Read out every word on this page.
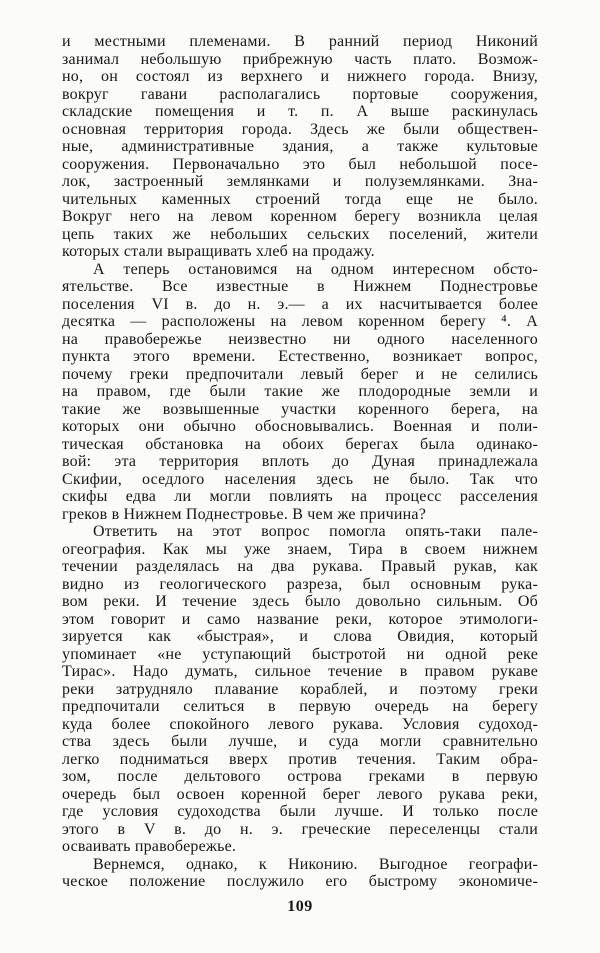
и местными племенами. В ранний период Никоний
занимал небольшую прибрежную часть плато. Возмож-
но, он состоял из верхнего и нижнего города. Внизу,
вокруг гавани располагались портовые сооружения,
складские помещения и т. п. А выше раскинулась
основная территория города. Здесь же были обществен-
ные, административные здания, а также культовые
сооружения. Первоначально это был небольшой посе-
лок, застроенный землянками и полуземлянками. Зна-
чительных каменных строений тогда еще не было.
Вокруг него на левом коренном берегу возникла целая
цепь таких же небольших сельских поселений, жители
которых стали выращивать хлеб на продажу.
А теперь остановимся на одном интересном обсто-
ятельстве. Все известные в Нижнем Поднестровье
поселения VI в. до н. э.— а их насчитывается более
десятка — расположены на левом коренном берегу ⁴. А
на правобережье неизвестно ни одного населенного
пункта этого времени. Естественно, возникает вопрос,
почему греки предпочитали левый берег и не селились
на правом, где были такие же плодородные земли и
такие же возвышенные участки коренного берега, на
которых они обычно обосновывались. Военная и поли-
тическая обстановка на обоих берегах была одинако-
вой: эта территория вплоть до Дуная принадлежала
Скифии, оседлого населения здесь не было. Так что
скифы едва ли могли повлиять на процесс расселения
греков в Нижнем Поднестровье. В чем же причина?
Ответить на этот вопрос помогла опять-таки пале-
огеография. Как мы уже знаем, Тира в своем нижнем
течении разделялась на два рукава. Правый рукав, как
видно из геологического разреза, был основным рука-
вом реки. И течение здесь было довольно сильным. Об
этом говорит и само название реки, которое этимологи-
зируется как «быстрая», и слова Овидия, который
упоминает «не уступающий быстротой ни одной реке
Тирас». Надо думать, сильное течение в правом рукаве
реки затрудняло плавание кораблей, и поэтому греки
предпочитали селиться в первую очередь на берегу
куда более спокойного левого рукава. Условия судоход-
ства здесь были лучше, и суда могли сравнительно
легко подниматься вверх против течения. Таким обра-
зом, после дельтового острова греками в первую
очередь был освоен коренной берег левого рукава реки,
где условия судоходства были лучше. И только после
этого в V в. до н. э. греческие переселенцы стали
осваивать правобережье.
Вернемся, однако, к Никонию. Выгодное географи-
ческое положение послужило его быстрому экономиче-
109
